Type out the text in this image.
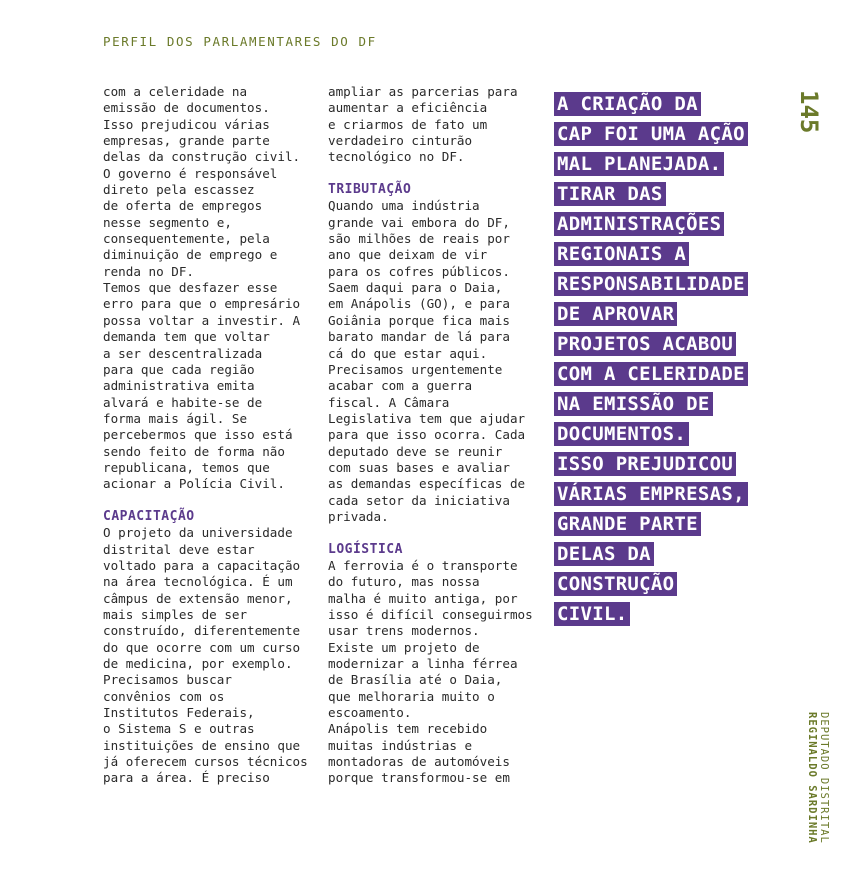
PERFIL DOS PARLAMENTARES DO DF
145
DEPUTADO DISTRITAL
REGINALDO SARDINHA

com a celeridade na
emissão de documentos.
Isso prejudicou várias
empresas, grande parte
delas da construção civil.
O governo é responsável
direto pela escassez
de oferta de empregos
nesse segmento e,
consequentemente, pela
diminuição de emprego e
renda no DF.
Temos que desfazer esse
erro para que o empresário
possa voltar a investir. A
demanda tem que voltar
a ser descentralizada
para que cada região
administrativa emita
alvará e habite-se de
forma mais ágil. Se
percebermos que isso está
sendo feito de forma não
republicana, temos que
acionar a Polícia Civil.

CAPACITAÇÃO

O projeto da universidade
distrital deve estar
voltado para a capacitação
na área tecnológica. É um
câmpus de extensão menor,
mais simples de ser
construído, diferentemente
do que ocorre com um curso
de medicina, por exemplo.
Precisamos buscar
convênios com os
Institutos Federais,
o Sistema S e outras
instituições de ensino que
já oferecem cursos técnicos
para a área. É preciso

ampliar as parcerias para
aumentar a eficiência
e criarmos de fato um
verdadeiro cinturão
tecnológico no DF.

TRIBUTAÇÃO

Quando uma indústria
grande vai embora do DF,
são milhões de reais por
ano que deixam de vir
para os cofres públicos.
Saem daqui para o Daia,
em Anápolis (GO), e para
Goiânia porque fica mais
barato mandar de lá para
cá do que estar aqui.
Precisamos urgentemente
acabar com a guerra
fiscal. A Câmara
Legislativa tem que ajudar
para que isso ocorra. Cada
deputado deve se reunir
com suas bases e avaliar
as demandas específicas de
cada setor da iniciativa
privada.

LOGÍSTICA

A ferrovia é o transporte
do futuro, mas nossa
malha é muito antiga, por
isso é difícil conseguirmos
usar trens modernos.
Existe um projeto de
modernizar a linha férrea
de Brasília até o Daia,
que melhoraria muito o
escoamento.
Anápolis tem recebido
muitas indústrias e
montadoras de automóveis
porque transformou-se em

A CRIAÇÃO DA
CAP FOI UMA AÇÃO
MAL PLANEJADA.
TIRAR DAS
ADMINISTRAÇÕES
REGIONAIS A
RESPONSABILIDADE
DE APROVAR
PROJETOS ACABOU
COM A CELERIDADE
NA EMISSÃO DE
DOCUMENTOS.
ISSO PREJUDICOU
VÁRIAS EMPRESAS,
GRANDE PARTE
DELAS DA
CONSTRUÇÃO
CIVIL.
